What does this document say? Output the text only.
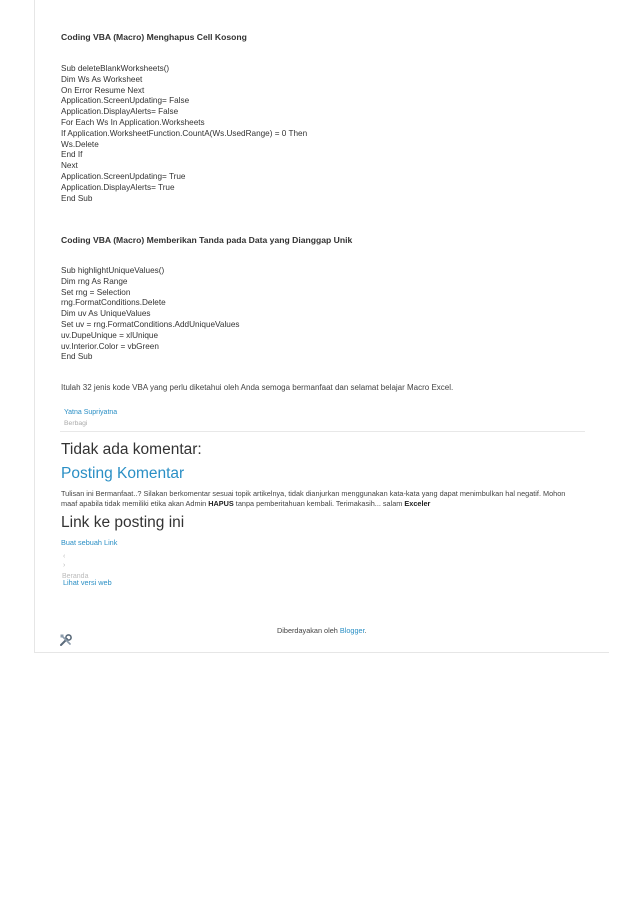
Coding VBA (Macro) Menghapus Cell Kosong
Sub deleteBlankWorksheets()
Dim Ws As Worksheet
On Error Resume Next
Application.ScreenUpdating= False
Application.DisplayAlerts= False
For Each Ws In Application.Worksheets
If Application.WorksheetFunction.CountA(Ws.UsedRange) = 0 Then
Ws.Delete
End If
Next
Application.ScreenUpdating= True
Application.DisplayAlerts= True
End Sub
Coding VBA (Macro) Memberikan Tanda pada Data yang Dianggap Unik
Sub highlightUniqueValues()
Dim rng As Range
Set rng = Selection
rng.FormatConditions.Delete
Dim uv As UniqueValues
Set uv = rng.FormatConditions.AddUniqueValues
uv.DupeUnique = xlUnique
uv.Interior.Color = vbGreen
End Sub
Itulah 32 jenis kode VBA yang perlu diketahui oleh Anda semoga bermanfaat dan selamat belajar Macro Excel.
Yatna Supriyatna
Berbagi
Tidak ada komentar:
Posting Komentar
Tulisan ini Bermanfaat..? Silakan berkomentar sesuai topik artikelnya, tidak dianjurkan menggunakan kata-kata yang dapat menimbulkan hal negatif. Mohon maaf apabila tidak memiliki etika akan Admin HAPUS tanpa pemberitahuan kembali. Terimakasih... salam Exceler
Link ke posting ini
Buat sebuah Link
‹
›
Beranda
Lihat versi web
Diberdayakan oleh Blogger.
